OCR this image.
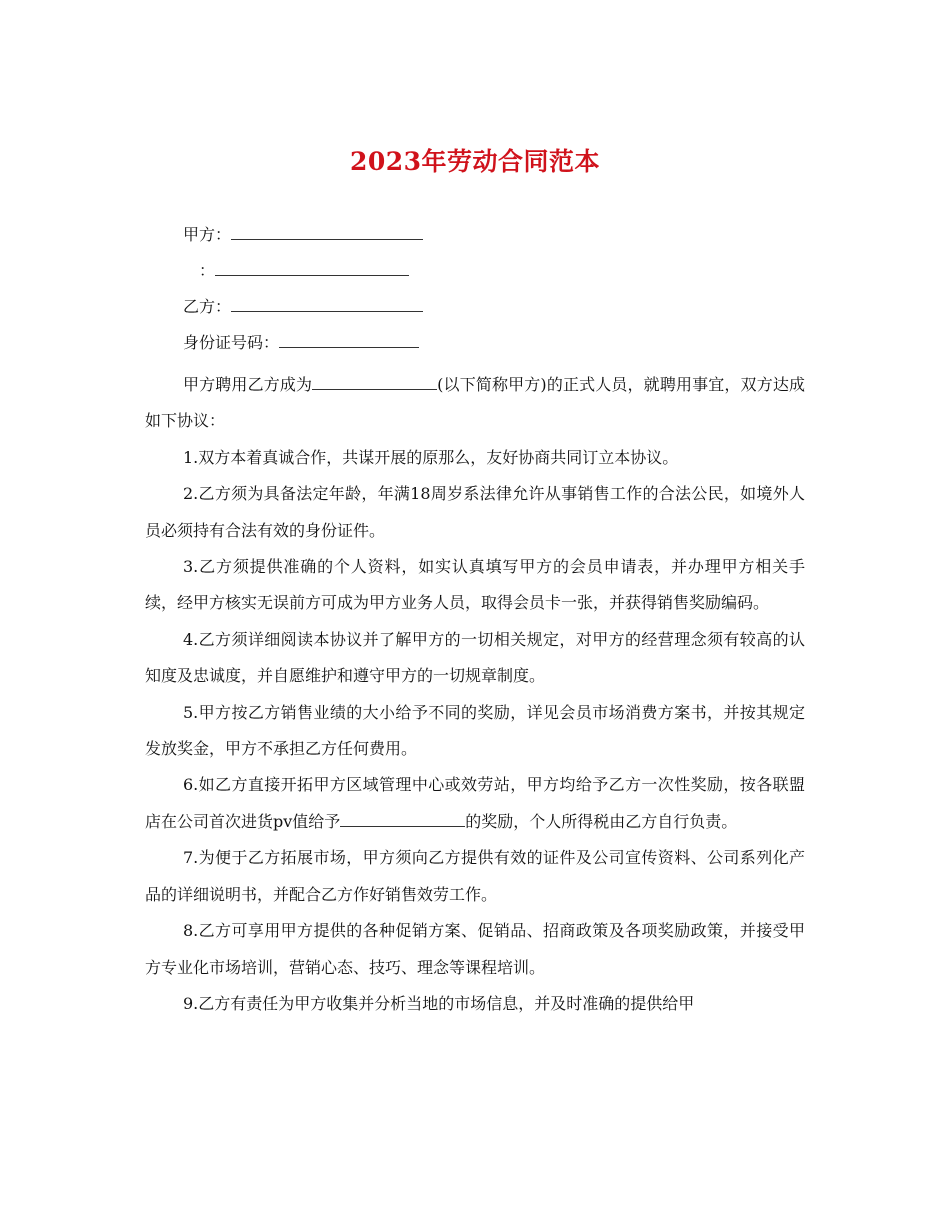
2023年劳动合同范本
甲方：
：
乙方：
身份证号码：

甲方聘用乙方成为	(以下简称甲方)的正式人员，就聘用事宜，双方达成如下协议：

1.双方本着真诚合作，共谋开展的原那么，友好协商共同订立本协议。

2.乙方须为具备法定年龄，年满18周岁系法律允许从事销售工作的合法公民，如境外人员必须持有合法有效的身份证件。

3.乙方须提供准确的个人资料，如实认真填写甲方的会员申请表，并办理甲方相关手续，经甲方核实无误前方可成为甲方业务人员，取得会员卡一张，并获得销售奖励编码。

4.乙方须详细阅读本协议并了解甲方的一切相关规定，对甲方的经营理念须有较高的认知度及忠诚度，并自愿维护和遵守甲方的一切规章制度。

5.甲方按乙方销售业绩的大小给予不同的奖励，详见会员市场消费方案书，并按其规定发放奖金，甲方不承担乙方任何费用。

6.如乙方直接开拓甲方区域管理中心或效劳站，甲方均给予乙方一次性奖励，按各联盟店在公司首次进货pv值给予	的奖励，个人所得税由乙方自行负责。

7.为便于乙方拓展市场，甲方须向乙方提供有效的证件及公司宣传资料、公司系列化产品的详细说明书，并配合乙方作好销售效劳工作。

8.乙方可享用甲方提供的各种促销方案、促销品、招商政策及各项奖励政策，并接受甲方专业化市场培训，营销心态、技巧、理念等课程培训。

9.乙方有责任为甲方收集并分析当地的市场信息，并及时准确的提供给甲
